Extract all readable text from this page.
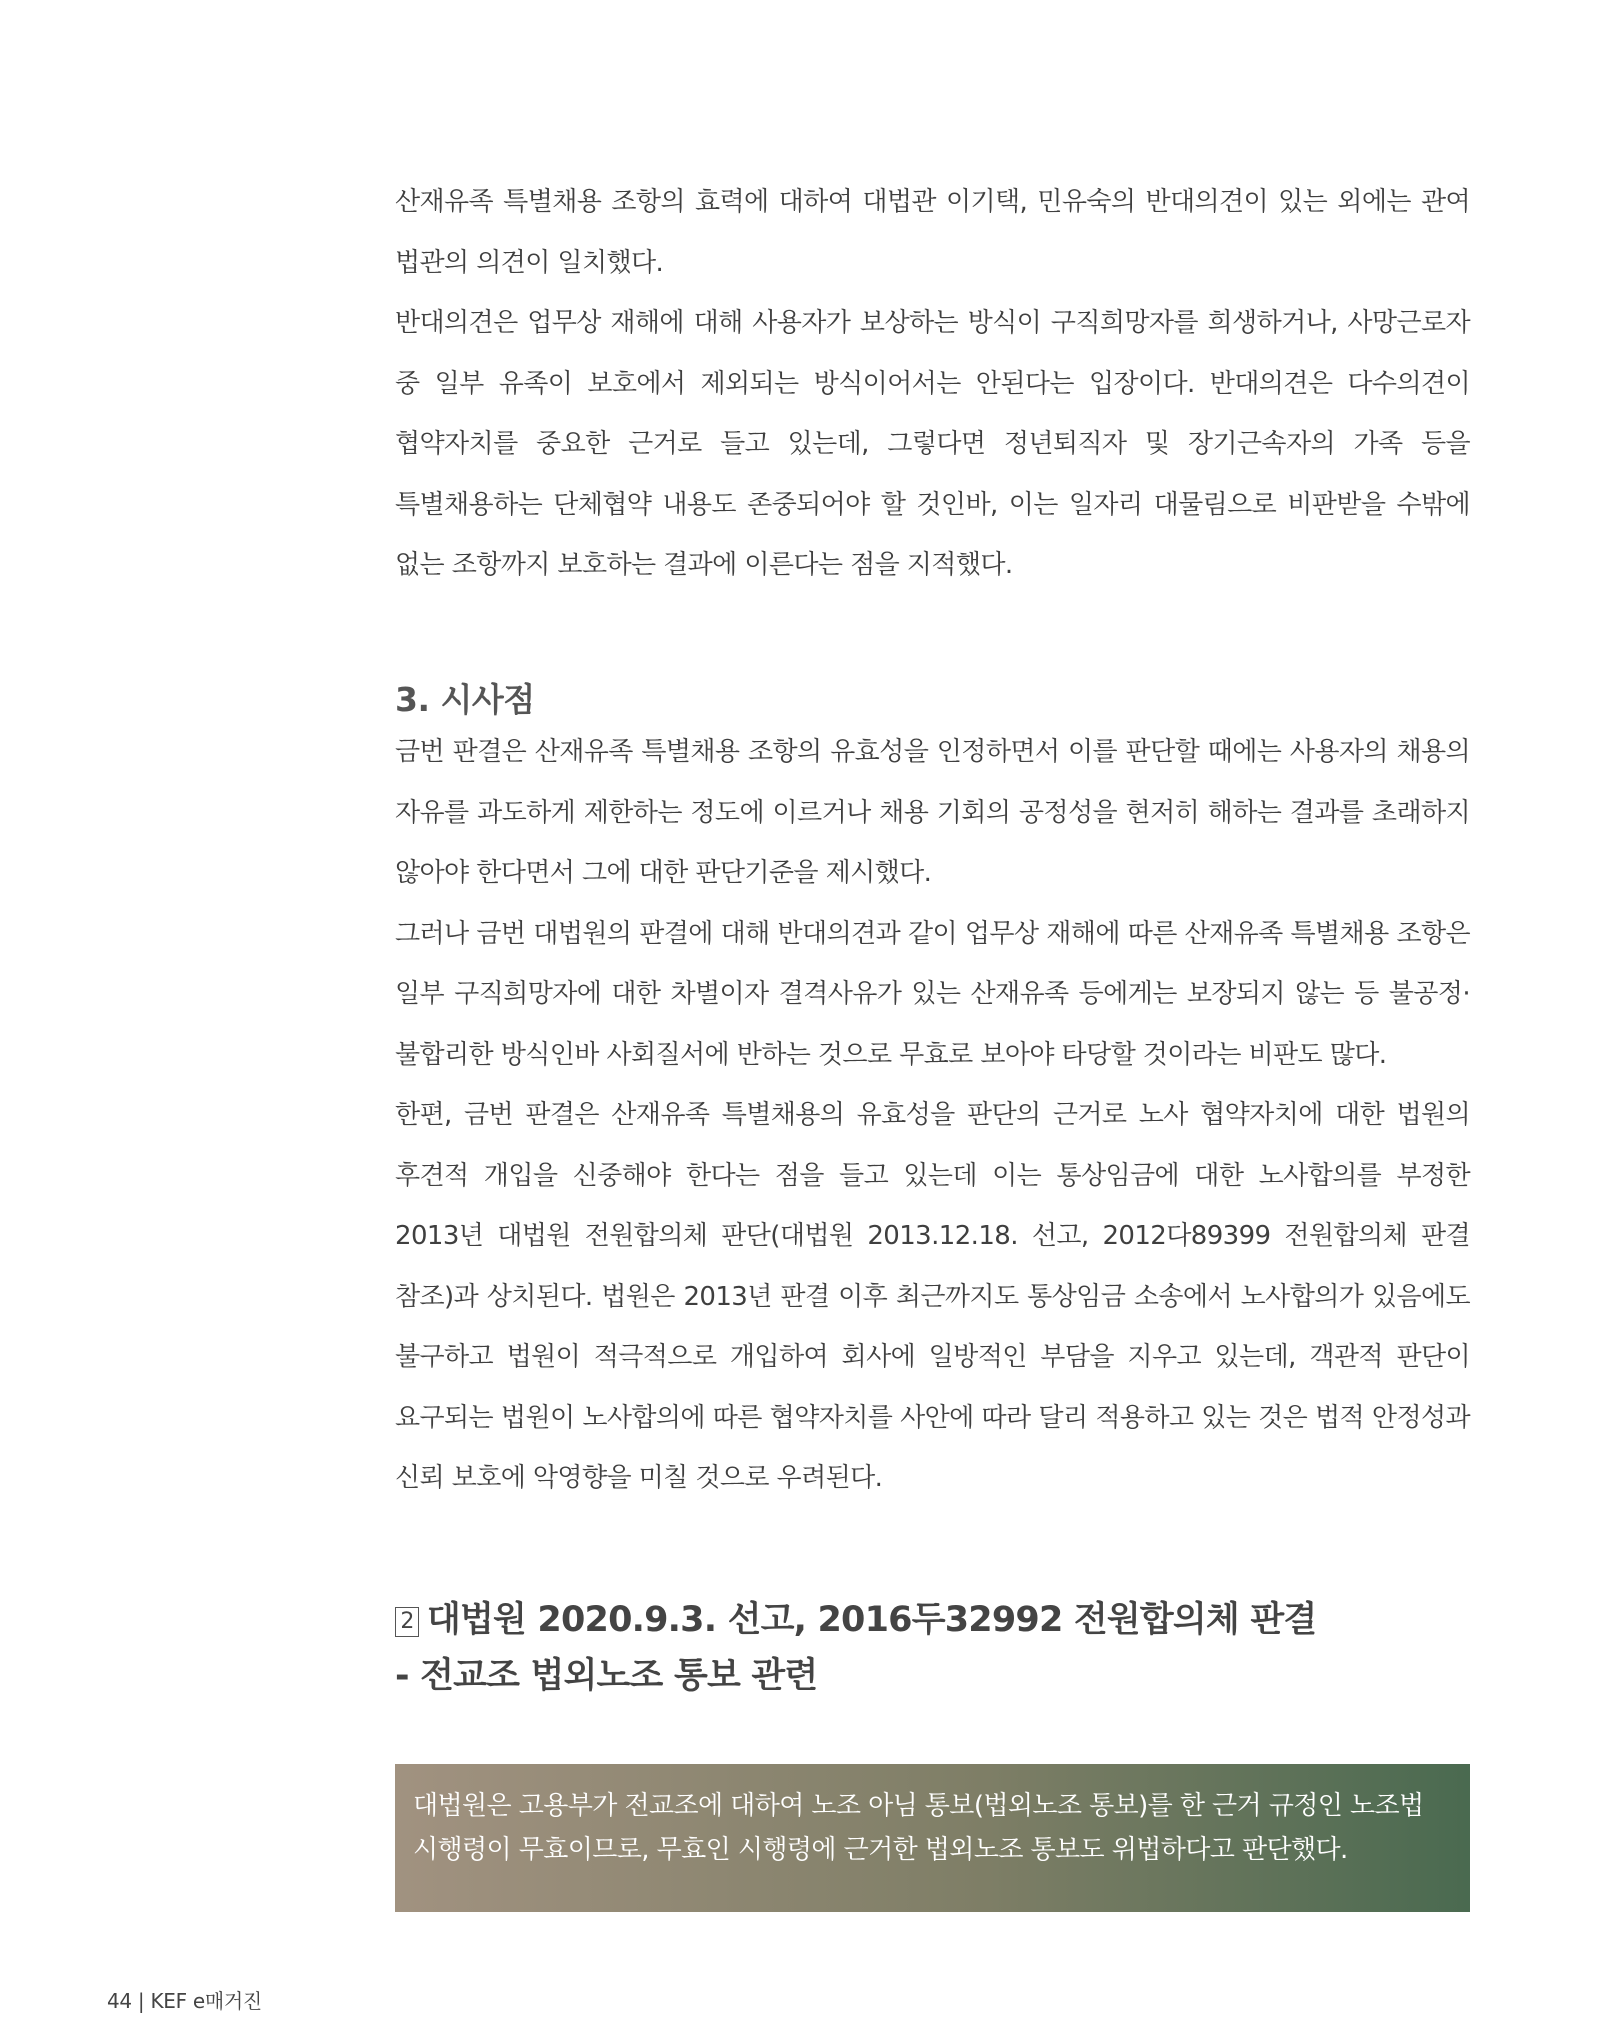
산재유족 특별채용 조항의 효력에 대하여 대법관 이기택, 민유숙의 반대의견이 있는 외에는 관여 법관의 의견이 일치했다.

반대의견은 업무상 재해에 대해 사용자가 보상하는 방식이 구직희망자를 희생하거나, 사망근로자 중 일부 유족이 보호에서 제외되는 방식이어서는 안된다는 입장이다. 반대의견은 다수의견이 협약자치를 중요한 근거로 들고 있는데, 그렇다면 정년퇴직자 및 장기근속자의 가족 등을 특별채용하는 단체협약 내용도 존중되어야 할 것인바, 이는 일자리 대물림으로 비판받을 수밖에 없는 조항까지 보호하는 결과에 이른다는 점을 지적했다.

3. 시사점

금번 판결은 산재유족 특별채용 조항의 유효성을 인정하면서 이를 판단할 때에는 사용자의 채용의 자유를 과도하게 제한하는 정도에 이르거나 채용 기회의 공정성을 현저히 해하는 결과를 초래하지 않아야 한다면서 그에 대한 판단기준을 제시했다.

그러나 금번 대법원의 판결에 대해 반대의견과 같이 업무상 재해에 따른 산재유족 특별채용 조항은 일부 구직희망자에 대한 차별이자 결격사유가 있는 산재유족 등에게는 보장되지 않는 등 불공정·불합리한 방식인바 사회질서에 반하는 것으로 무효로 보아야 타당할 것이라는 비판도 많다.

한편, 금번 판결은 산재유족 특별채용의 유효성을 판단의 근거로 노사 협약자치에 대한 법원의 후견적 개입을 신중해야 한다는 점을 들고 있는데 이는 통상임금에 대한 노사합의를 부정한 2013년 대법원 전원합의체 판단(대법원 2013.12.18. 선고, 2012다89399 전원합의체 판결 참조)과 상치된다. 법원은 2013년 판결 이후 최근까지도 통상임금 소송에서 노사합의가 있음에도 불구하고 법원이 적극적으로 개입하여 회사에 일방적인 부담을 지우고 있는데, 객관적 판단이 요구되는 법원이 노사합의에 따른 협약자치를 사안에 따라 달리 적용하고 있는 것은 법적 안정성과 신뢰 보호에 악영향을 미칠 것으로 우려된다.

2 대법원 2020.9.3. 선고, 2016두32992 전원합의체 판결
- 전교조 법외노조 통보 관련
대법원은 고용부가 전교조에 대하여 노조 아님 통보(법외노조 통보)를 한 근거 규정인 노조법 시행령이 무효이므로, 무효인 시행령에 근거한 법외노조 통보도 위법하다고 판단했다.
44 | KEF e매거진
